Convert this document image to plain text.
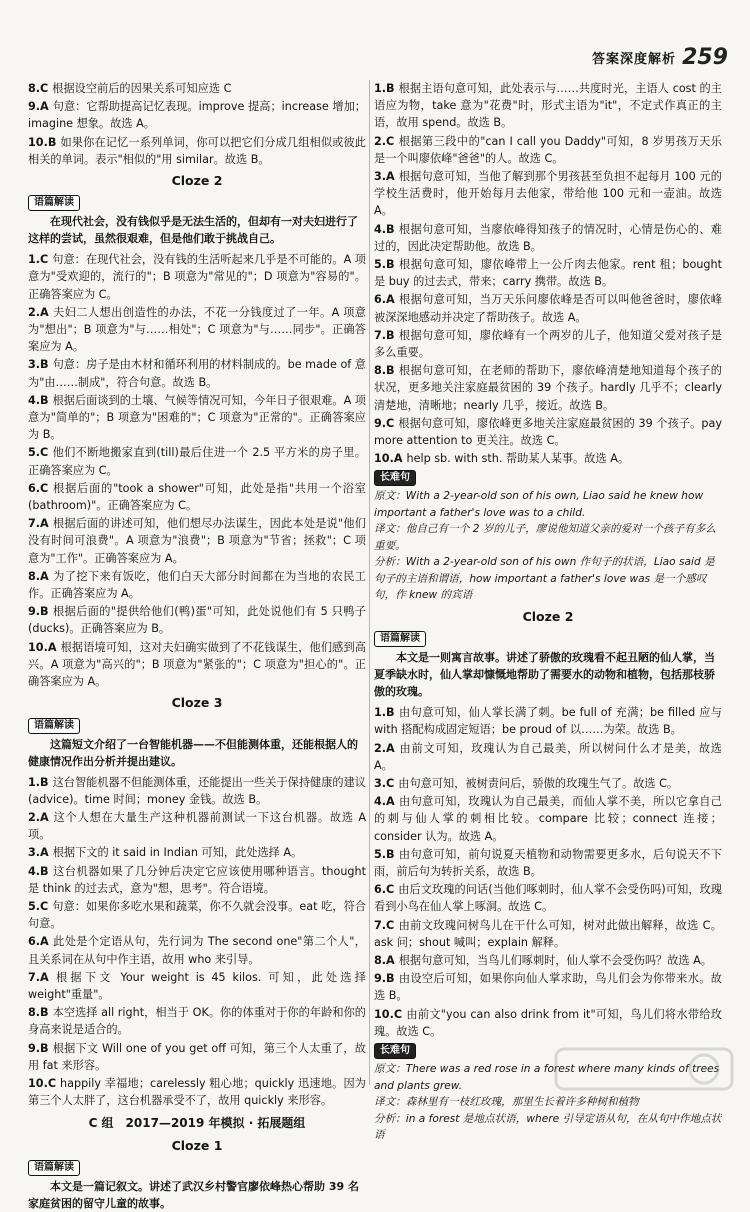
答案深度解析 259
8.C 根据设空前后的因果关系可知应选 C
9.A 句意：它帮助提高记忆表现。improve 提高；increase 增加；imagine 想象。故选 A。
10.B 如果你在记忆一系列单词，你可以把它们分成几组相似或彼此相关的单词。表示"相似的"用 similar。故选 B。
Cloze 2
语篇解读
在现代社会，没有钱似乎是无法生活的，但却有一对夫妇进行了这样的尝试，虽然很艰难，但是他们敢于挑战自己。
1.C 句意：在现代社会，没有钱的生活听起来几乎是不可能的。A 项意为"受欢迎的，流行的"；B 项意为"常见的"；D 项意为"容易的"。正确答案应为 C。
2.A 夫妇二人想出创造性的办法，不花一分钱度过了一年。A 项意为"想出"；B 项意为"与……相处"；C 项意为"与……同步"。正确答案应为 A。
3.B 句意：房子是由木材和循环利用的材料制成的。be made of 意为"由……制成"，符合句意。故选 B。
4.B 根据后面谈到的土壤、气候等情况可知，今年日子很艰难。A 项意为"简单的"；B 项意为"困难的"；C 项意为"正常的"。正确答案应为 B。
5.C 他们不断地搬家直到(till)最后住进一个 2.5 平方米的房子里。正确答案应为 C。
6.C 根据后面的"took a shower"可知，此处是指"共用一个浴室(bathroom)"。正确答案应为 C。
7.A 根据后面的讲述可知，他们想尽办法谋生，因此本处是说"他们没有时间可浪费"。A 项意为"浪费"；B 项意为"节省；拯救"；C 项意为"工作"。正确答案应为 A。
8.A 为了挖下来有饭吃，他们白天大部分时间都在为当地的农民工作。正确答案应为 A。
9.B 根据后面的"提供给他们(鸭)蛋"可知，此处说他们有 5 只鸭子(ducks)。正确答案应为 B。
10.A 根据语境可知，这对夫妇确实做到了不花钱谋生，他们感到高兴。A 项意为"高兴的"；B 项意为"紧张的"；C 项意为"担心的"。正确答案应为 A。
Cloze 3
语篇解读
这篇短文介绍了一台智能机器——不但能测体重，还能根据人的健康情况作出分析并提出建议。
1.B 这台智能机器不但能测体重，还能提出一些关于保持健康的建议(advice)。time 时间；money 金钱。故选 B。
2.A 这个人想在大量生产这种机器前测试一下这台机器。故选 A 项。
3.A 根据下文的 it said in Indian 可知，此处选择 A。
4.B 这台机器如果了几分钟后决定它应该使用哪种语言。thought 是 think 的过去式，意为"想，思考"。符合语境。
5.C 句意：如果你多吃水果和蔬菜，你不久就会没事。eat 吃，符合句意。
6.A 此处是个定语从句，先行词为 The second one"第二个人"，且关系词在从句中作主语，故用 who 来引导。
7.A 根据下文 Your weight is 45 kilos. 可知，此处选择 weight"重量"。
8.B 本空选择 all right，相当于 OK。你的体重对于你的年龄和你的身高来说是适合的。
9.B 根据下文 Will one of you get off 可知，第三个人太重了，故用 fat 来形容。
10.C happily 幸福地；carelessly 粗心地；quickly 迅速地。因为第三个人太胖了，这台机器承受不了，故用 quickly 来形容。
C 组　2017—2019 年模拟 · 拓展题组
Cloze 1
语篇解读
本文是一篇记叙文。讲述了武汉乡村警官廖依峰热心帮助 39 名家庭贫困的留守儿童的故事。
1.B 根据主语句意可知，此处表示与……共度时光，主语人 cost 的主语应为物，take 意为"花费"时，形式主语为"it"，不定式作真正的主语，故用 spend。故选 B。
2.C 根据第三段中的"can I call you Daddy"可知，8 岁男孩万天乐是一个叫廖依峰"爸爸"的人。故选 C。
3.A 根据句意可知，当他了解到那个男孩甚至负担不起每月 100 元的学校生活费时，他开始每月去他家，带给他 100 元和一壶油。故选 A。
4.B 根据句意可知，当廖依峰得知孩子的情况时，心情是伤心的、难过的，因此决定帮助他。故选 B。
5.B 根据句意可知，廖依峰带上一公斤肉去他家。rent 租；bought 是 buy 的过去式，带来；carry 携带。故选 B。
6.A 根据句意可知，当万天乐问廖依峰是否可以叫他爸爸时，廖依峰被深深地感动并决定了帮助孩子。故选 A。
7.B 根据句意可知，廖依峰有一个两岁的儿子，他知道父爱对孩子是多么重要。
8.B 根据句意可知，在老师的帮助下，廖依峰清楚地知道每个孩子的状况，更多地关注家庭最贫困的 39 个孩子。hardly 几乎不；clearly 清楚地，清晰地；nearly 几乎，接近。故选 B。
9.C 根据句意可知，廖依峰更多地关注家庭最贫困的 39 个孩子。pay more attention to 更关注。故选 C。
10.A help sb. with sth. 帮助某人某事。故选 A。
长难句

原文：With a 2-year-old son of his own, Liao said he knew how important a father's love was to a child.

译文：他自己有一个 2 岁的儿子，廖说他知道父亲的爱对一个孩子有多么重要。

分析：With a 2-year-old son of his own 作句子的状语，Liao said 是句子的主语和谓语，how important a father's love was 是一个感叹句，作 knew 的宾语

Cloze 2
语篇解读
本文是一则寓言故事。讲述了骄傲的玫瑰看不起丑陋的仙人掌，当夏季缺水时，仙人掌却慷慨地帮助了需要水的动物和植物，包括那枝骄傲的玫瑰。
1.B 由句意可知，仙人掌长满了刺。be full of 充满；be filled 应与 with 搭配构成固定短语；be proud of 以……为荣。故选 B。
2.A 由前文可知，玫瑰认为自己最美，所以树问什么才是美，故选 A。
3.C 由句意可知，被树责问后，骄傲的玫瑰生气了。故选 C。
4.A 由句意可知，玫瑰认为自己最美，而仙人掌不美，所以它拿自己的刺与仙人掌的刺相比较。compare 比较；connect 连接；consider 认为。故选 A。
5.B 由句意可知，前句说夏天植物和动物需要更多水，后句说天不下雨，前后句为转折关系，故选 B。
6.C 由后文玫瑰的问话(当他们啄刺时，仙人掌不会受伤吗)可知，玫瑰看到小鸟在仙人掌上啄洞。故选 C。
7.C 由前文玫瑰问树鸟儿在干什么可知，树对此做出解释，故选 C。ask 问；shout 喊叫；explain 解释。
8.A 根据句意可知，当鸟儿们啄刺时，仙人掌不会受伤吗？故选 A。
9.B 由设空后可知，如果你向仙人掌求助，鸟儿们会为你带来水。故选 B。
10.C 由前文"you can also drink from it"可知，鸟儿们将水带给玫瑰。故选 C。
长难句

原文：There was a red rose in a forest where many kinds of trees and plants grew.

译文：森林里有一枝红玫瑰，那里生长着许多种树和植物

分析：in a forest 是地点状语，where 引导定语从句，在从句中作地点状语
